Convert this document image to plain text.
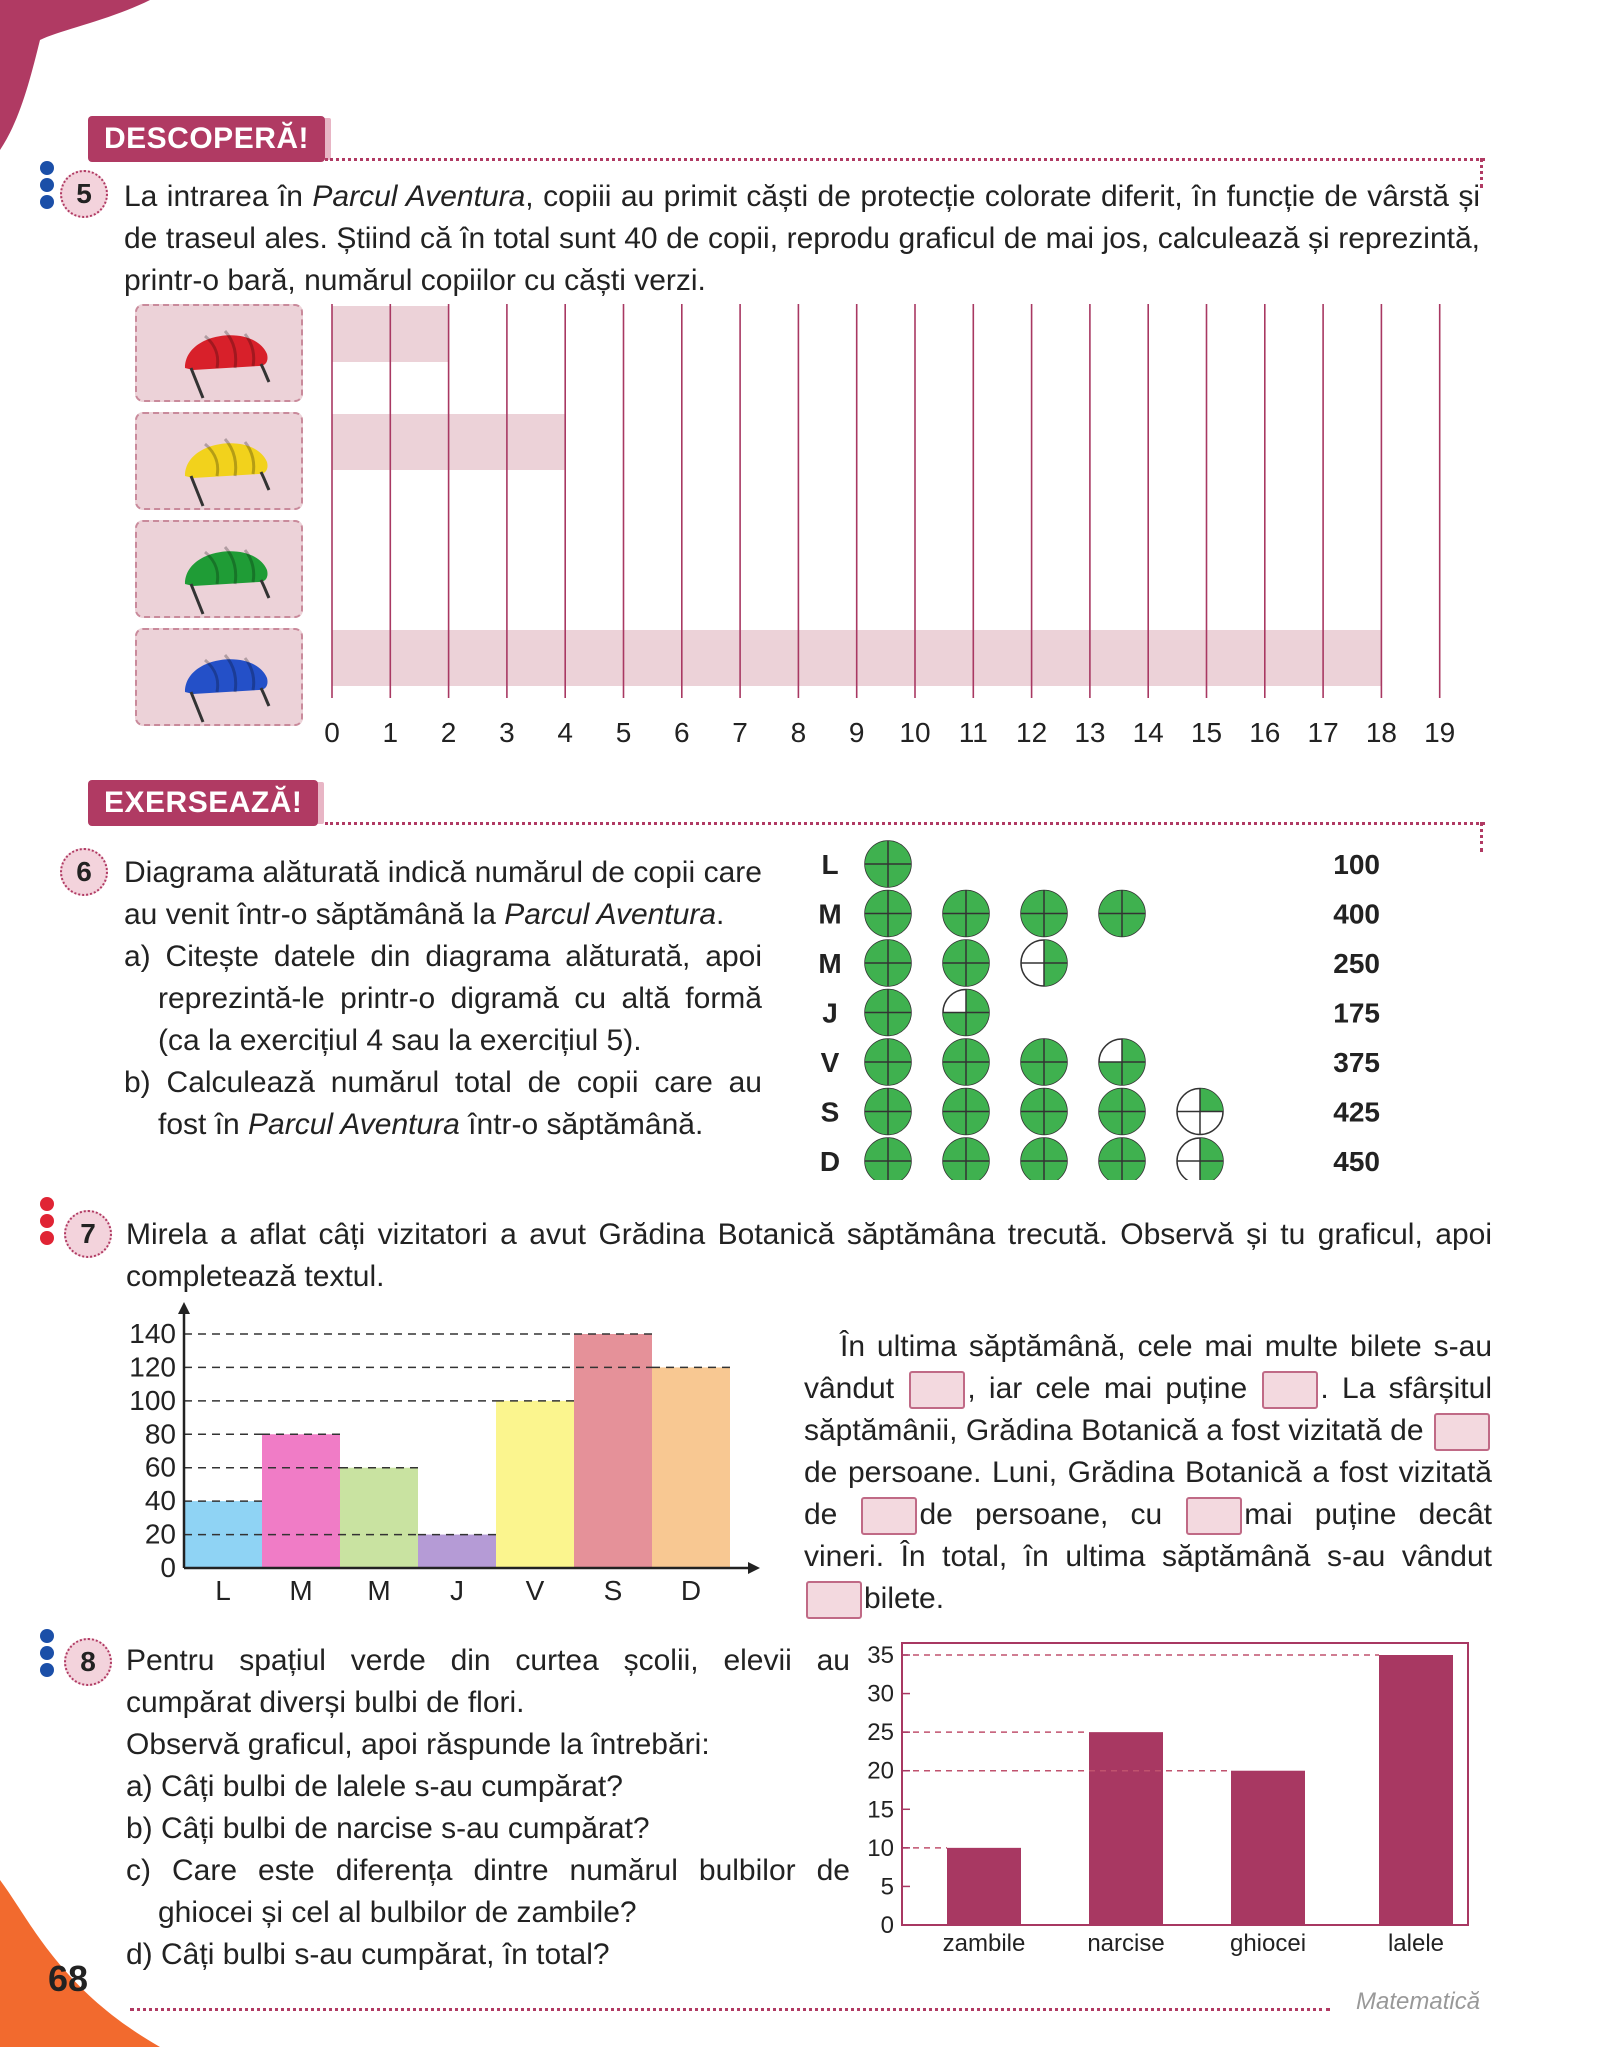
DESCOPERĂ!
5	La intrarea în Parcul Aventura, copiii au primit căști de protecție colorate diferit, în funcție de vârstă și de traseul ales. Știind că în total sunt 40 de copii, reprodu graficul de mai jos, calculează și reprezintă, printr-o bară, numărul copiilor cu căști verzi.
0 1 2 3 4 5 6 7 8 9 10 11 12 13 14 15 16 17 18 19
EXERSEAZĂ!
6	Diagrama alăturată indică numărul de copii care au venit într-o săptămână la Parcul Aventura.
a) Citește datele din diagrama alăturată, apoi reprezintă-le printr-o digramă cu altă formă (ca la exercițiul 4 sau la exercițiul 5).
b) Calculează numărul total de copii care au fost în Parcul Aventura într-o săptămână.
L	100
M	400
M	250
J	175
V	375
S	425
D	450
7	Mirela a aflat câți vizitatori a avut Grădina Botanică săptămâna trecută. Observă și tu graficul, apoi completează textul.
L M M J V S D
0
20
40
60
80
100
120
140	În ultima săptămână, cele mai multe bilete s-au vândut , iar cele mai puține . La sfârșitul săptămânii, Grădina Botanică a fost vizitată de  de persoane. Luni, Grădina Botanică a fost vizitată de	de persoane, cu	mai puține decât vineri. În total, în ultima săptămână s-au vândut bilete.
8	Pentru spațiul verde din curtea școlii, elevii au cumpărat diverși bulbi de flori.
Observă graficul, apoi răspunde la întrebări:
a) Câți bulbi de lalele s-au cumpărat?
b) Câți bulbi de narcise s-au cumpărat?
c) Care este diferența dintre numărul bulbilor de ghiocei și cel al bulbilor de zambile?
d) Câți bulbi s-au cumpărat, în total?	zambile	narcise	ghiocei	lalele
0
5
10
15
20
25
30
35
68
Matematică
